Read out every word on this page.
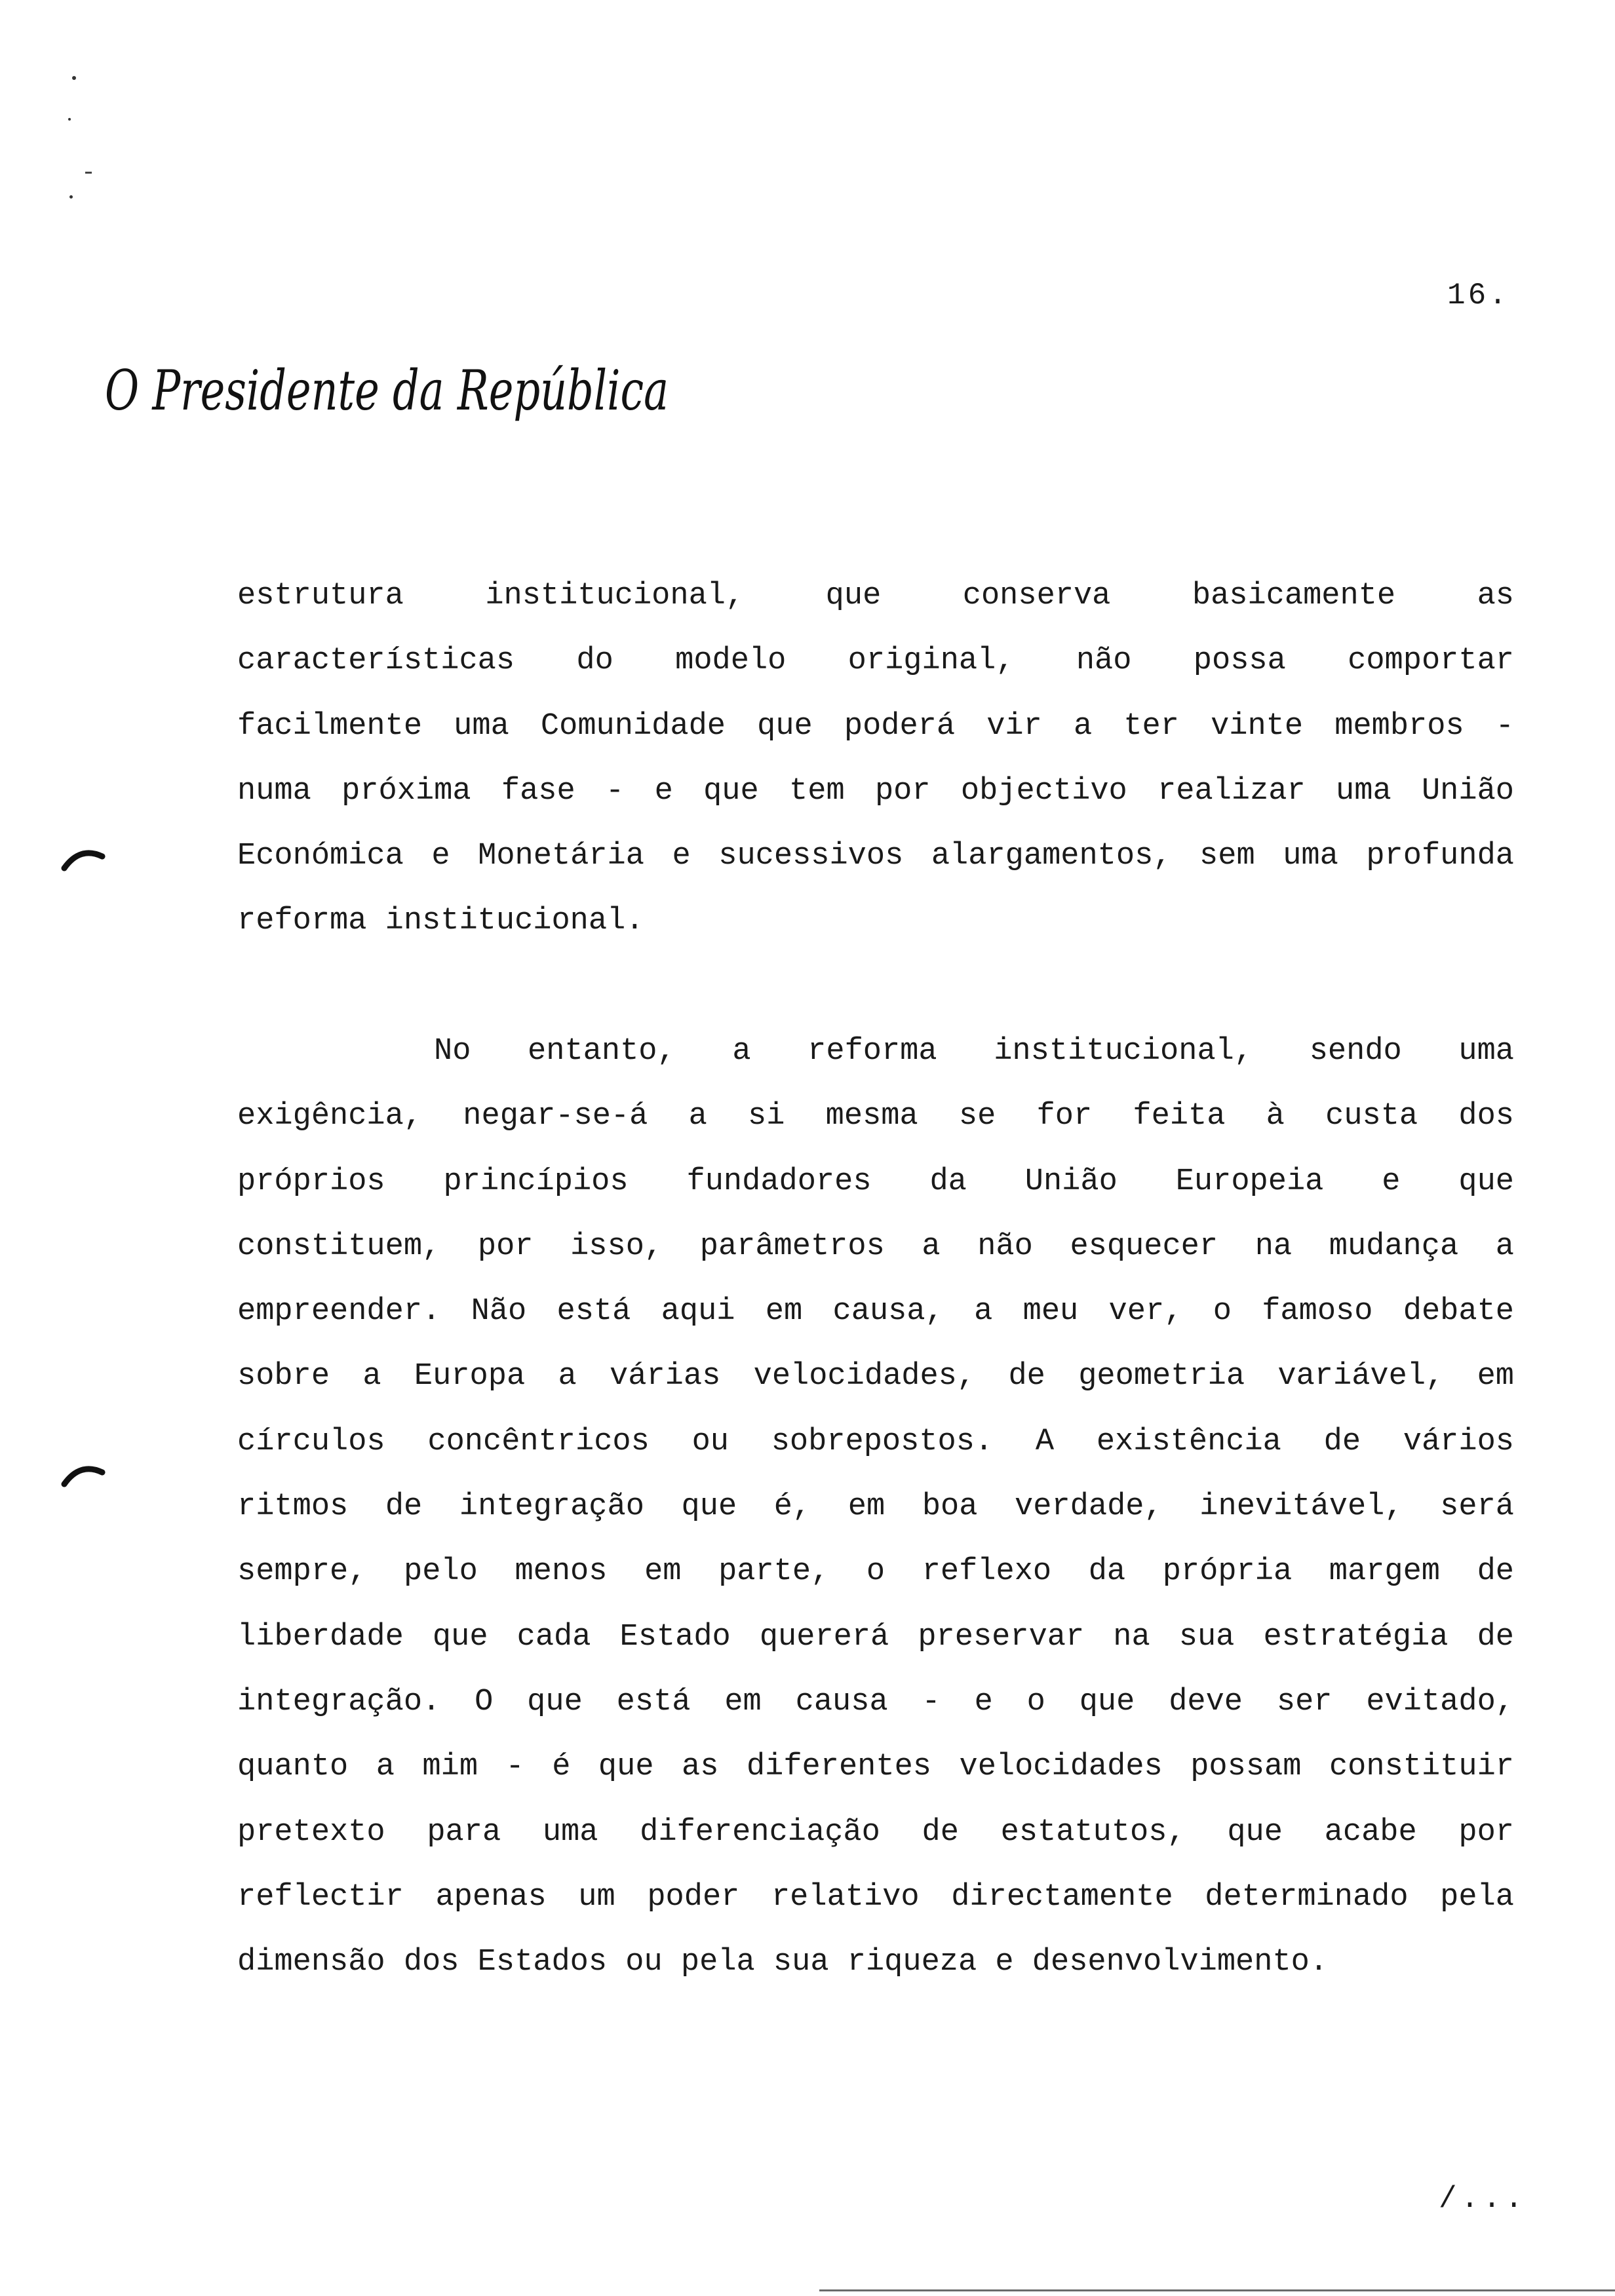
16.
O Presidente da República
estrutura institucional, que conserva basicamente as
características do modelo original, não possa comportar
facilmente uma Comunidade que poderá vir a ter vinte membros -
numa próxima fase - e que tem por objectivo realizar uma União
Económica e Monetária e sucessivos alargamentos, sem uma profunda
reforma institucional.
No entanto, a reforma institucional, sendo uma
exigência, negar-se-á a si mesma se for feita à custa dos
próprios princípios fundadores da União Europeia e que
constituem, por isso, parâmetros a não esquecer na mudança a
empreender. Não está aqui em causa, a meu ver, o famoso debate
sobre a Europa a várias velocidades, de geometria variável, em
círculos concêntricos ou sobrepostos. A existência de vários
ritmos de integração que é, em boa verdade, inevitável, será
sempre, pelo menos em parte, o reflexo da própria margem de
liberdade que cada Estado quererá preservar na sua estratégia de
integração. O que está em causa - e o que deve ser evitado,
quanto a mim - é que as diferentes velocidades possam constituir
pretexto para uma diferenciação de estatutos, que acabe por
reflectir apenas um poder relativo directamente determinado pela
dimensão dos Estados ou pela sua riqueza e desenvolvimento.
/...
